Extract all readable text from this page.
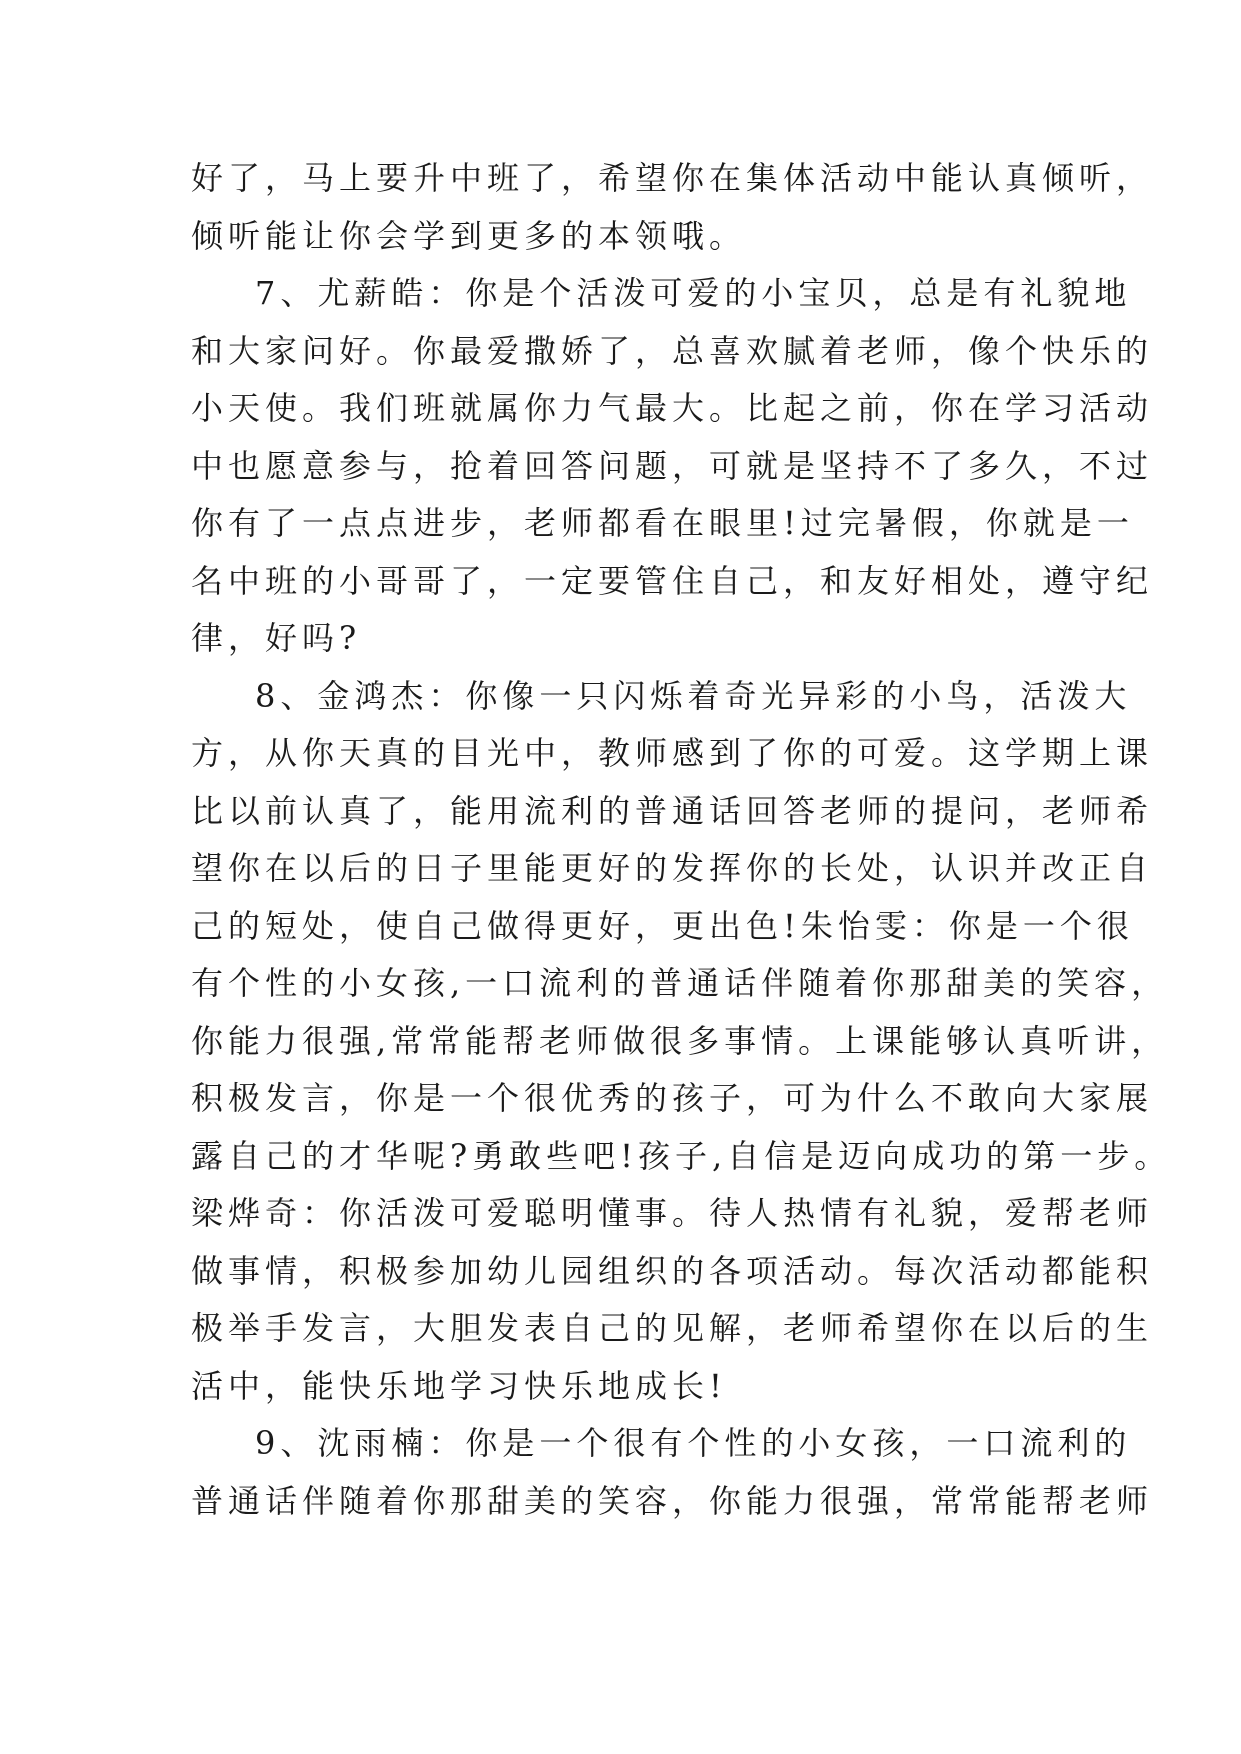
好了，马上要升中班了，希望你在集体活动中能认真倾听，
倾听能让你会学到更多的本领哦。
7、尤薪皓：你是个活泼可爱的小宝贝，总是有礼貌地
和大家问好。你最爱撒娇了，总喜欢腻着老师，像个快乐的
小天使。我们班就属你力气最大。比起之前，你在学习活动
中也愿意参与，抢着回答问题，可就是坚持不了多久，不过
你有了一点点进步，老师都看在眼里!过完暑假，你就是一
名中班的小哥哥了，一定要管住自己，和友好相处，遵守纪
律，好吗?
8、金鸿杰：你像一只闪烁着奇光异彩的小鸟，活泼大
方，从你天真的目光中，教师感到了你的可爱。这学期上课
比以前认真了，能用流利的普通话回答老师的提问，老师希
望你在以后的日子里能更好的发挥你的长处，认识并改正自
己的短处，使自己做得更好，更出色!朱怡雯：你是一个很
有个性的小女孩,一口流利的普通话伴随着你那甜美的笑容，
你能力很强,常常能帮老师做很多事情。上课能够认真听讲，
积极发言，你是一个很优秀的孩子，可为什么不敢向大家展
露自己的才华呢?勇敢些吧!孩子,自信是迈向成功的第一步。
梁烨奇：你活泼可爱聪明懂事。待人热情有礼貌，爱帮老师
做事情，积极参加幼儿园组织的各项活动。每次活动都能积
极举手发言，大胆发表自己的见解，老师希望你在以后的生
活中，能快乐地学习快乐地成长!
9、沈雨楠：你是一个很有个性的小女孩，一口流利的
普通话伴随着你那甜美的笑容，你能力很强，常常能帮老师
